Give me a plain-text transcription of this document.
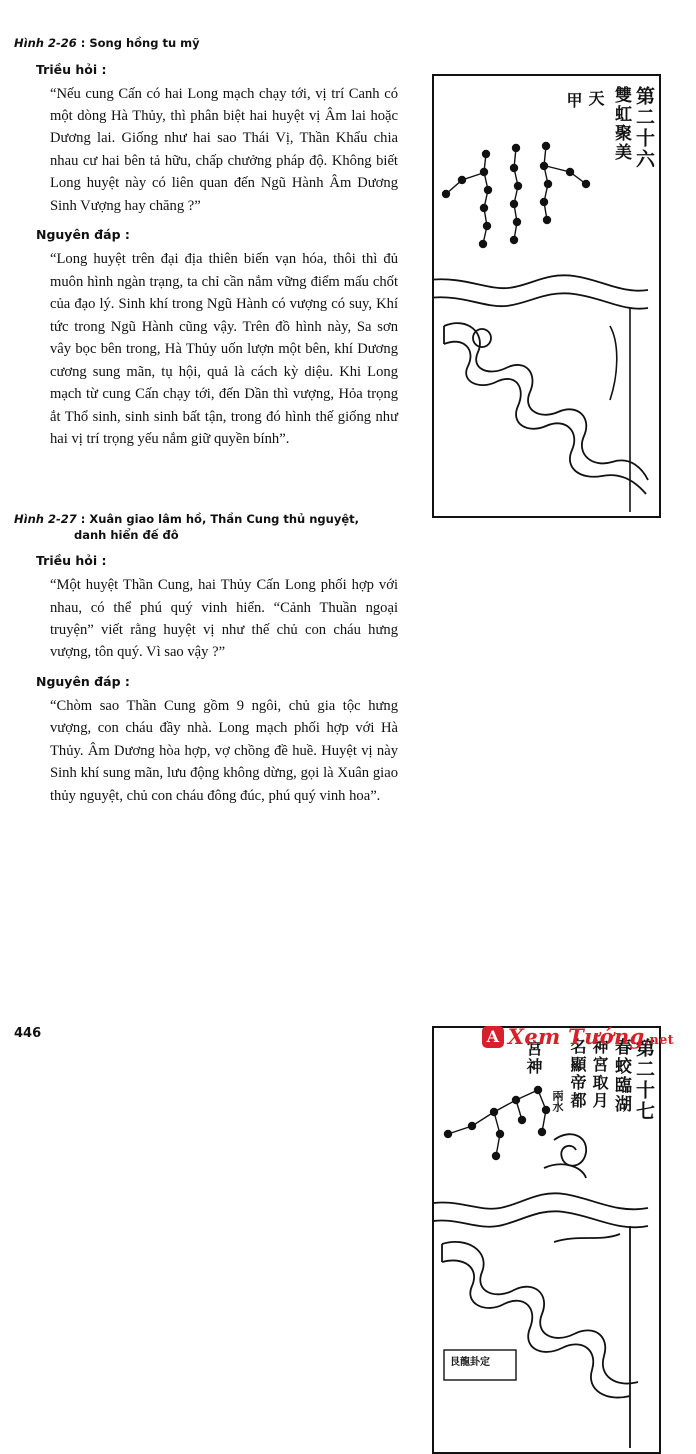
Hình 2-26 : Song hồng tu mỹ
Triều hỏi :

“Nếu cung Cấn có hai Long mạch chạy tới, vị trí Canh có một dòng Hà Thủy, thì phân biệt hai huyệt vị Âm lai hoặc Dương lai. Giống như hai sao Thái Vị, Thần Khẩu chia nhau cư hai bên tả hữu, chấp chưởng pháp độ. Không biết Long huyệt này có liên quan đến Ngũ Hành Âm Dương Sinh Vượng hay chăng ?”

Nguyên đáp :

“Long huyệt trên đại địa thiên biến vạn hóa, thôi thì đủ muôn hình ngàn trạng, ta chỉ cần nắm vững điểm mấu chốt của đạo lý. Sinh khí trong Ngũ Hành có vượng có suy, Khí tức trong Ngũ Hành cũng vậy. Trên đồ hình này, Sa sơn vây bọc bên trong, Hà Thủy uốn lượn một bên, khí Dương cương sung mãn, tụ hội, quả là cách kỳ diệu. Khi Long mạch từ cung Cấn chạy tới, đến Dần thì vượng, Hỏa trọng ắt Thổ sinh, sinh sinh bất tận, trong đó hình thế giống như hai vị trí trọng yếu nắm giữ quyền bính”.

第二十六
雙虹聚美
天
甲
Hình 2-27 : Xuân giao lâm hồ, Thần Cung thủ nguyệt,
danh hiển đế đô
Triều hỏi :

“Một huyệt Thần Cung, hai Thủy Cấn Long phối hợp với nhau, có thể phú quý vinh hiển. “Cảnh Thuần ngoại truyện” viết rằng huyệt vị như thế chủ con cháu hưng vượng, tôn quý. Vì sao vậy ?”

Nguyên đáp :

“Chòm sao Thần Cung gồm 9 ngôi, chủ gia tộc hưng vượng, con cháu đầy nhà. Long mạch phối hợp với Hà Thủy. Âm Dương hòa hợp, vợ chồng đề huề. Huyệt vị này Sinh khí sung mãn, lưu động không dừng, gọi là Xuân giao thủy nguyệt, chủ con cháu đông đúc, phú quý vinh hoa”.

第二十七
春蛟臨湖
神宮取月
名顯帝都
兩水
宮神
艮龍卦定
446	A Xem Tướng.net
